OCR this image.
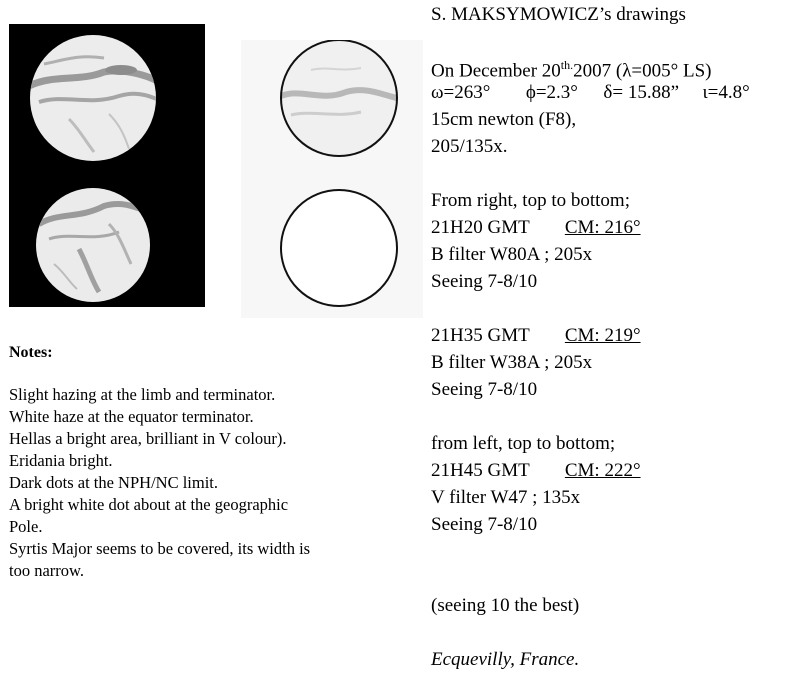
S. MAKSYMOWICZ’s drawings
On December $20^{th.}2007$ (λ=005° LS)
ω=263° ϕ=2.3° δ= 15.88” ι=4.8°
15cm newton (F8),
205/135x.
From right, top to bottom;
21H20 GMT CM: 216°
B filter W80A ; 205x
Seeing 7-8/10
21H35 GMT CM: 219°
B filter W38A ; 205x
Seeing 7-8/10
from left, top to bottom;
21H45 GMT CM: 222°
V filter W47 ; 135x
Seeing 7-8/10
(seeing 10 the best)
Ecquevilly, France.
Notes:
Slight hazing at the limb and terminator.
White haze at the equator terminator.
Hellas a bright area, brilliant in V colour).
Eridania bright.
Dark dots at the NPH/NC limit.
A bright white dot about at the geographic
Pole.
Syrtis Major seems to be covered, its width is
too narrow.
